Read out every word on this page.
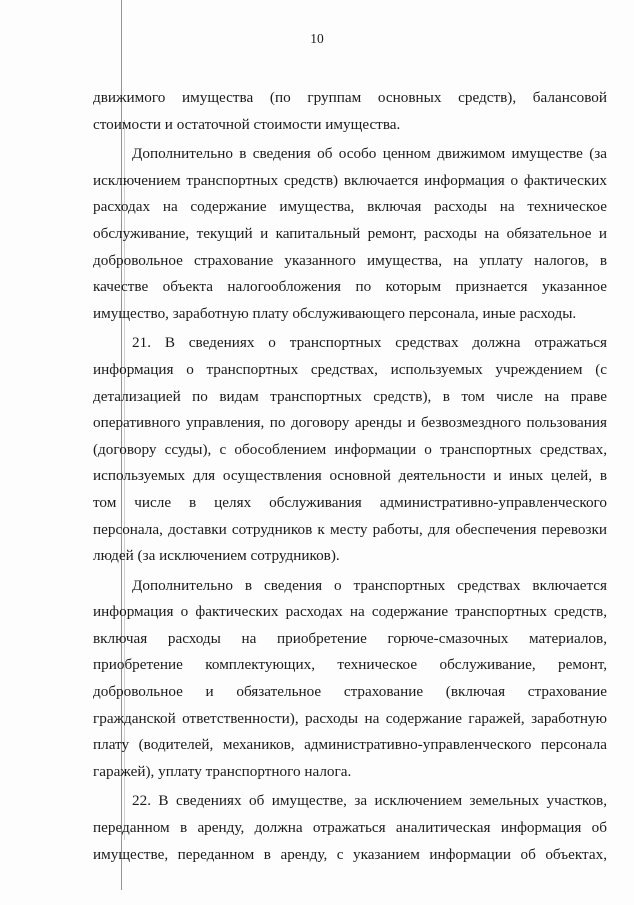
10
движимого имущества (по группам основных средств), балансовой
стоимости и остаточной стоимости имущества.
Дополнительно в сведения об особо ценном движимом имуществе (за
исключением транспортных средств) включается информация о фактических
расходах на содержание имущества, включая расходы на техническое
обслуживание, текущий и капитальный ремонт, расходы на обязательное и
добровольное страхование указанного имущества, на уплату налогов, в
качестве объекта налогообложения по которым признается указанное
имущество, заработную плату обслуживающего персонала, иные расходы.
21. В сведениях о транспортных средствах должна отражаться
информация о транспортных средствах, используемых учреждением (с
детализацией по видам транспортных средств), в том числе на праве
оперативного управления, по договору аренды и безвозмездного пользования
(договору ссуды), с обособлением информации о транспортных средствах,
используемых для осуществления основной деятельности и иных целей, в
том числе в целях обслуживания административно-управленческого
персонала, доставки сотрудников к месту работы, для обеспечения перевозки
людей (за исключением сотрудников).
Дополнительно в сведения о транспортных средствах включается
информация о фактических расходах на содержание транспортных средств,
включая расходы на приобретение горюче-смазочных материалов,
приобретение комплектующих, техническое обслуживание, ремонт,
добровольное и обязательное страхование (включая страхование
гражданской ответственности), расходы на содержание гаражей, заработную
плату (водителей, механиков, административно-управленческого персонала
гаражей), уплату транспортного налога.
22. В сведениях об имуществе, за исключением земельных участков,
переданном в аренду, должна отражаться аналитическая информация об
имуществе, переданном в аренду, с указанием информации об объектах,
